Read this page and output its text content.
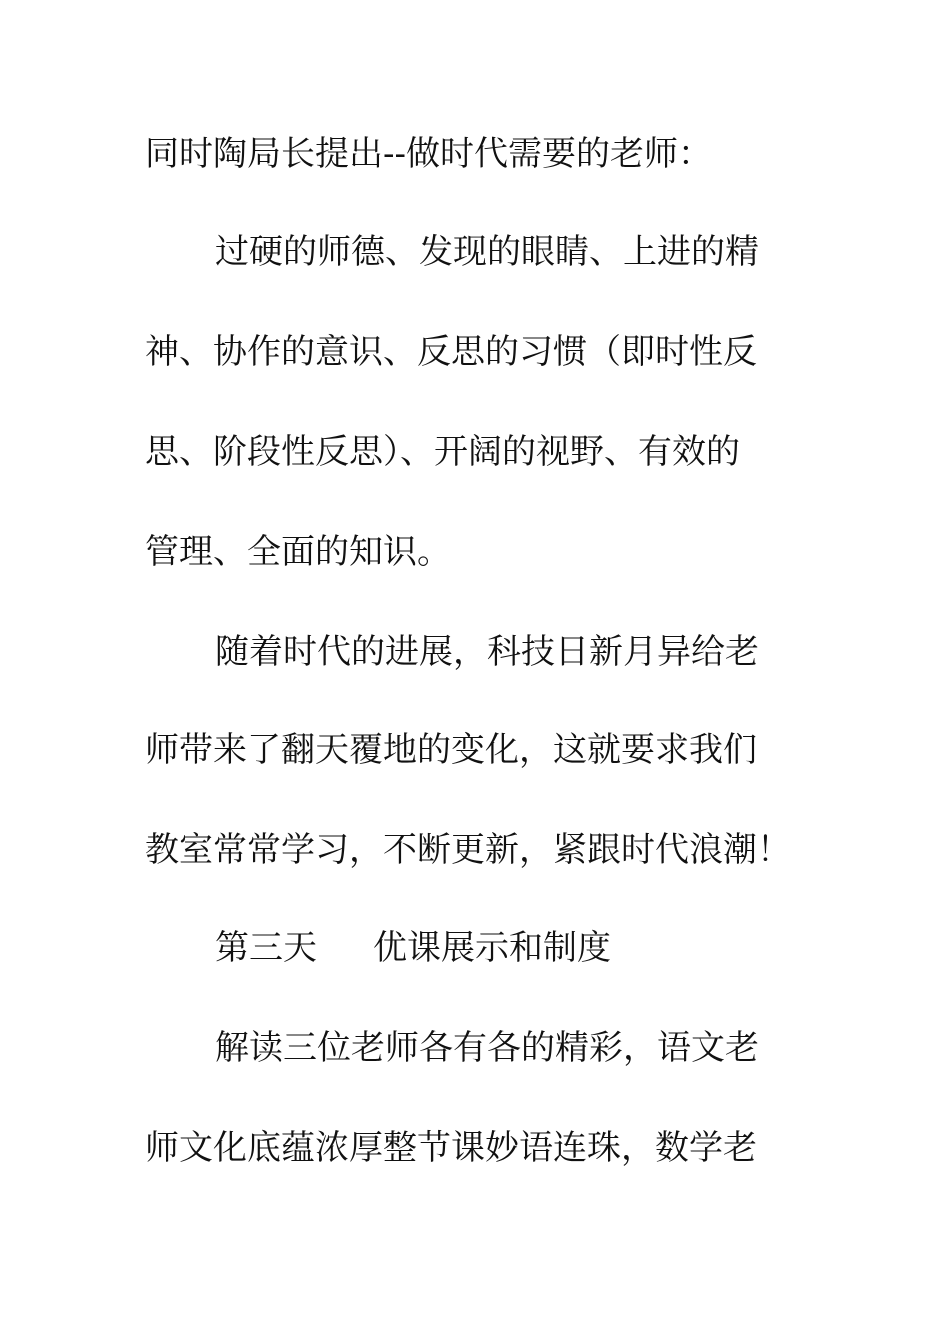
同时陶局长提出--做时代需要的老师：
过硬的师德、发现的眼睛、上进的精
神、协作的意识、反思的习惯（即时性反
思、阶段性反思）、开阔的视野、有效的
管理、全面的知识。
随着时代的进展，科技日新月异给老
师带来了翻天覆地的变化，这就要求我们
教室常常学习，不断更新，紧跟时代浪潮！
第三天 优课展示和制度
解读三位老师各有各的精彩，语文老
师文化底蕴浓厚整节课妙语连珠，数学老
